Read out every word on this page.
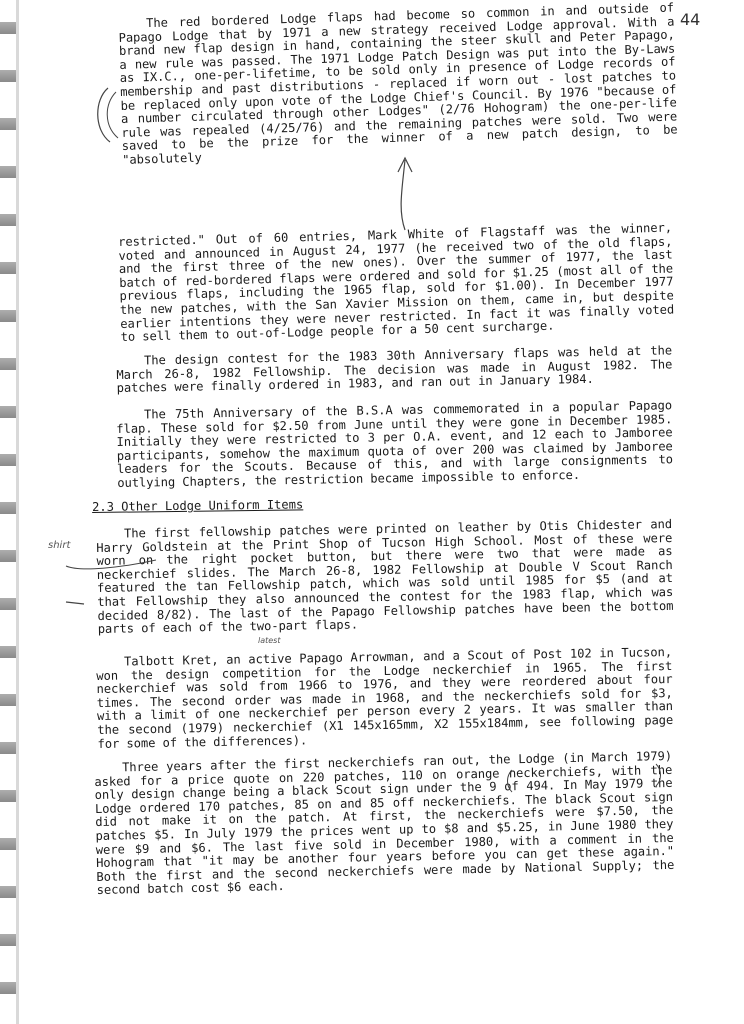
44

The red bordered Lodge flaps had become so common in and outside of Papago Lodge that by 1971 a new strategy received Lodge approval. With a brand new flap design in hand, containing the steer skull and Peter Papago, a new rule was passed. The 1971 Lodge Patch Design was put into the By-Laws as IX.C., one-per-lifetime, to be sold only in presence of Lodge records of membership and past distributions - replaced if worn out - lost patches to be replaced only upon vote of the Lodge Chief's Council. By 1976 "because of a number circulated through other Lodges" (2/76 Hohogram) the one-per-life rule was repealed (4/25/76) and the remaining patches were sold. Two were saved to be the prize for the winner of a new patch design, to be "absolutely

restricted." Out of 60 entries, Mark White of Flagstaff was the winner, voted and announced in August 24, 1977 (he received two of the old flaps, and the first three of the new ones). Over the summer of 1977, the last batch of red-bordered flaps were ordered and sold for $1.25 (most all of the previous flaps, including the 1965 flap, sold for $1.00). In December 1977 the new patches, with the San Xavier Mission on them, came in, but despite earlier intentions they were never restricted. In fact it was finally voted to sell them to out-of-Lodge people for a 50 cent surcharge.

The design contest for the 1983 30th Anniversary flaps was held at the March 26-8, 1982 Fellowship. The decision was made in August 1982. The patches were finally ordered in 1983, and ran out in January 1984.

The 75th Anniversary of the B.S.A was commemorated in a popular Papago flap. These sold for $2.50 from June until they were gone in December 1985. Initially they were restricted to 3 per O.A. event, and 12 each to Jamboree participants, somehow the maximum quota of over 200 was claimed by Jamboree leaders for the Scouts. Because of this, and with large consignments to outlying Chapters, the restriction became impossible to enforce.

2.3 Other Lodge Uniform Items

The first fellowship patches were printed on leather by Otis Chidester and Harry Goldstein at the Print Shop of Tucson High School. Most of these were worn on the right pocket button, but there were two that were made as neckerchief slides. The March 26-8, 1982 Fellowship at Double V Scout Ranch featured the tan Fellowship patch, which was sold until 1985 for $5 (and at that Fellowship they also announced the contest for the 1983 flap, which was decided 8/82). The last of the Papago Fellowship patches have been the bottom parts of each of the two-part flaps.

Talbott Kret, an active Papago Arrowman, and a Scout of Post 102 in Tucson, won the design competition for the Lodge neckerchief in 1965. The first neckerchief was sold from 1966 to 1976, and they were reordered about four times. The second order was made in 1968, and the neckerchiefs sold for $3, with a limit of one neckerchief per person every 2 years. It was smaller than the second (1979) neckerchief (X1 145x165mm, X2 155x184mm, see following page for some of the differences).

Three years after the first neckerchiefs ran out, the Lodge (in March 1979) asked for a price quote on 220 patches, 110 on orange neckerchiefs, with the only design change being a black Scout sign under the 9 of 494. In May 1979 the Lodge ordered 170 patches, 85 on and 85 off neckerchiefs. The black Scout sign did not make it on the patch. At first, the neckerchiefs were $7.50, the patches $5. In July 1979 the prices went up to $8 and $5.25, in June 1980 they were $9 and $6. The last five sold in December 1980, with a comment in the Hohogram that "it may be another four years before you can get these again." Both the first and the second neckerchiefs were made by National Supply; the second batch cost $6 each.

shirt
latest
